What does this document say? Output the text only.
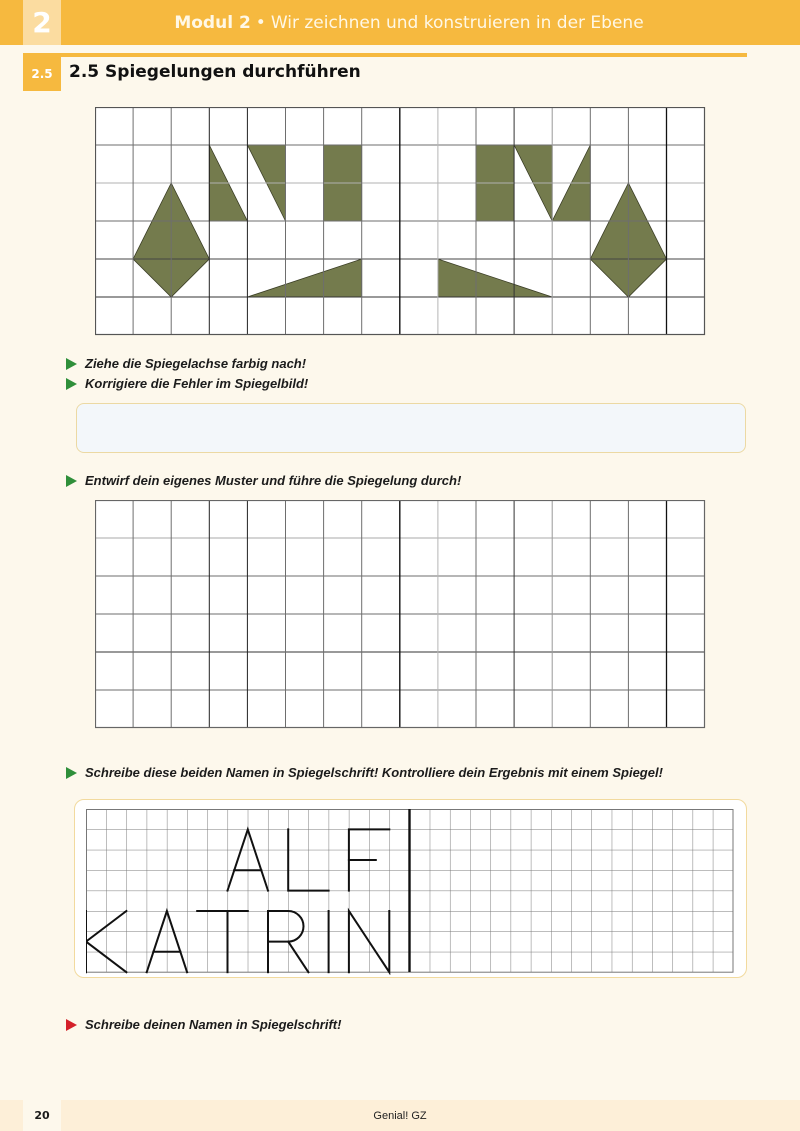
2	Modul 2 • Wir zeichnen und konstruieren in der Ebene
2.5 2.5 Spiegelungen durchführen
Ziehe die Spiegelachse farbig nach!
Korrigiere die Fehler im Spiegelbild!
Entwirf dein eigenes Muster und führe die Spiegelung durch!
Schreibe diese beiden Namen in Spiegelschrift! Kontrolliere dein Ergebnis mit einem Spiegel!
Schreibe deinen Namen in Spiegelschrift!
Genial! GZ
20
